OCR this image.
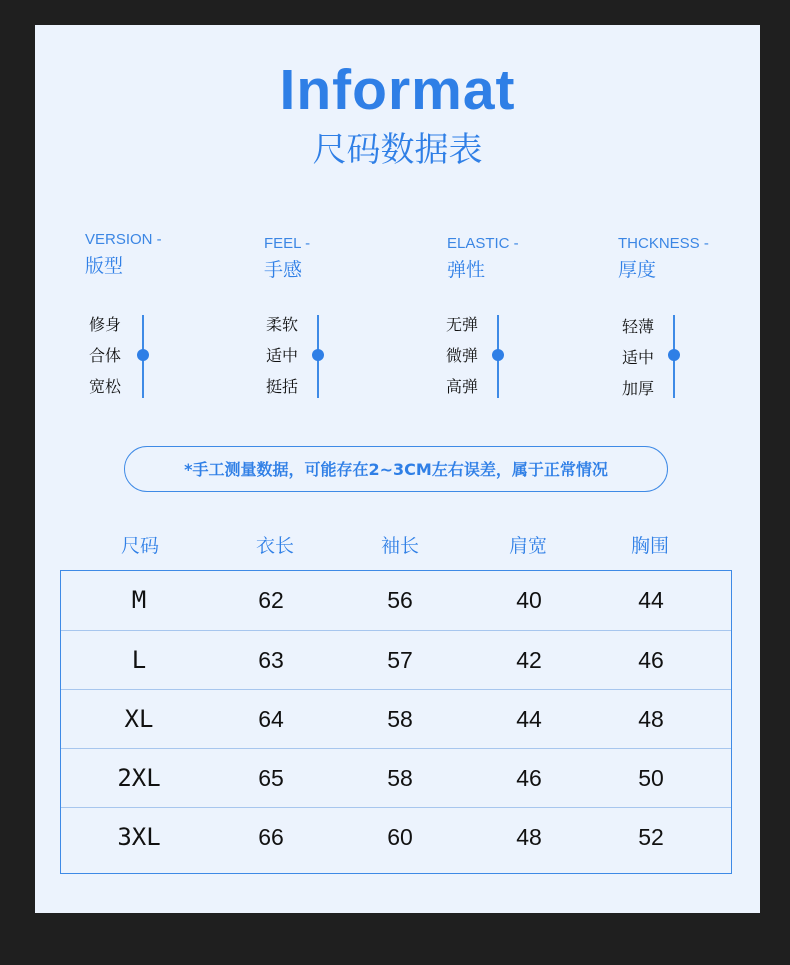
Informat
尺码数据表
VERSION -
版型
FEEL -
手感
ELASTIC -
弹性
THCKNESS -
厚度
修身
合体
宽松
柔软
适中
挺括
无弹
微弹
高弹
轻薄
适中
加厚
*手工测量数据，可能存在2~3CM左右误差，属于正常情况
尺码	衣长	袖长	肩宽	胸围
M	62	56	40	44
L	63	57	42	46
XL	64	58	44	48
2XL	65	58	46	50
3XL	66	60	48	52
